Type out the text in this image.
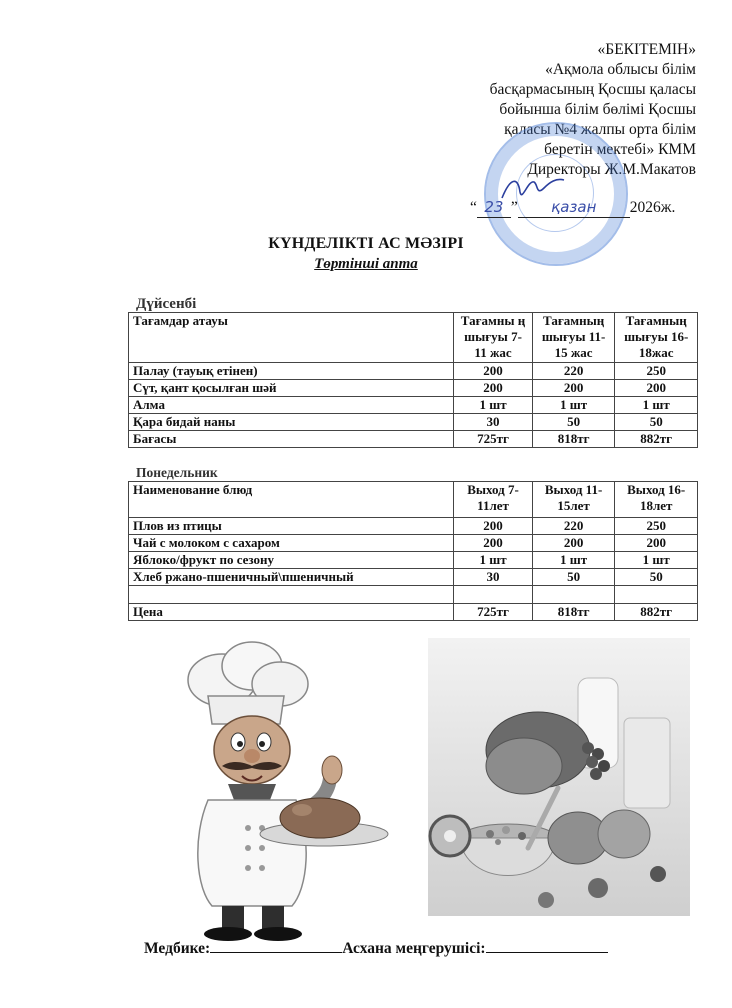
«БЕКІТЕМІН»
«Ақмола облысы білім
басқармасының Қосшы қаласы
бойынша білім бөлімі Қосшы
қаласы №4 жалпы орта білім
беретін мектебі» КММ
Директоры Ж.М.Макатов
“ 23 ” қазан 2026ж.
КҮНДЕЛІКТІ АС МӘЗІРІ
Төртінші апта
Дүйсенбі
Тағамдар атауы	Тағамны ң шығуы 7-11 жас	Тағамның шығуы 11-15 жас	Тағамның шығуы 16-18жас
Палау (тауық етінен)	200	220	250
Сүт, қант қосылған шәй	200	200	200
Алма	1 шт	1 шт	1 шт
Қара бидай наны	30	50	50
Бағасы	725тг	818тг	882тг
Понедельник
Наименование блюд	Выход 7-11лет	Выход 11-15лет	Выход 16-18лет
Плов из птицы	200	220	250
Чай с молоком с сахаром	200	200	200
Яблоко/фрукт по сезону	1 шт	1 шт	1 шт
Хлеб ржано-пшеничный\пшеничный	30	50	50

Цена	725тг	818тг	882тг
Медбике:	Асхана меңгерушісі:
